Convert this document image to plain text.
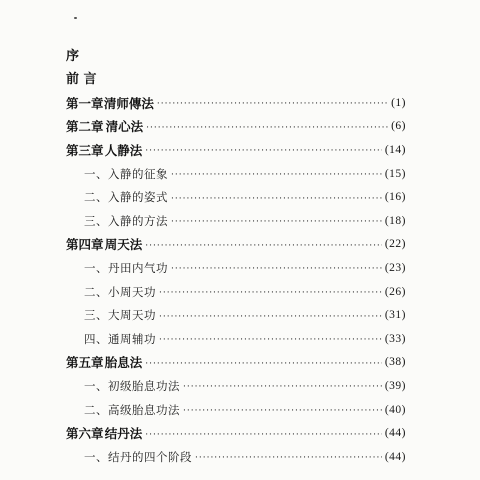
序
前 言
第一章 清师傳法 ·····	(1)
第二章 清心法 ·····	(6)
第三章 人静法 ·····	(14)
一、入静的征象 ·····	(15)
二、入静的姿式 ·····	(16)
三、入静的方法 ·····	(18)
第四章 周天法 ·····	(22)
一、丹田内气功 ·····	(23)
二、小周天功 ·····	(26)
三、大周天功 ·····	(31)
四、通周辅功 ·····	(33)
第五章 胎息法 ·····	(38)
一、初级胎息功法 ·····	(39)
二、高级胎息功法 ·····	(40)
第六章 结丹法 ·····	(44)
一、结丹的四个阶段 ·····	(44)
